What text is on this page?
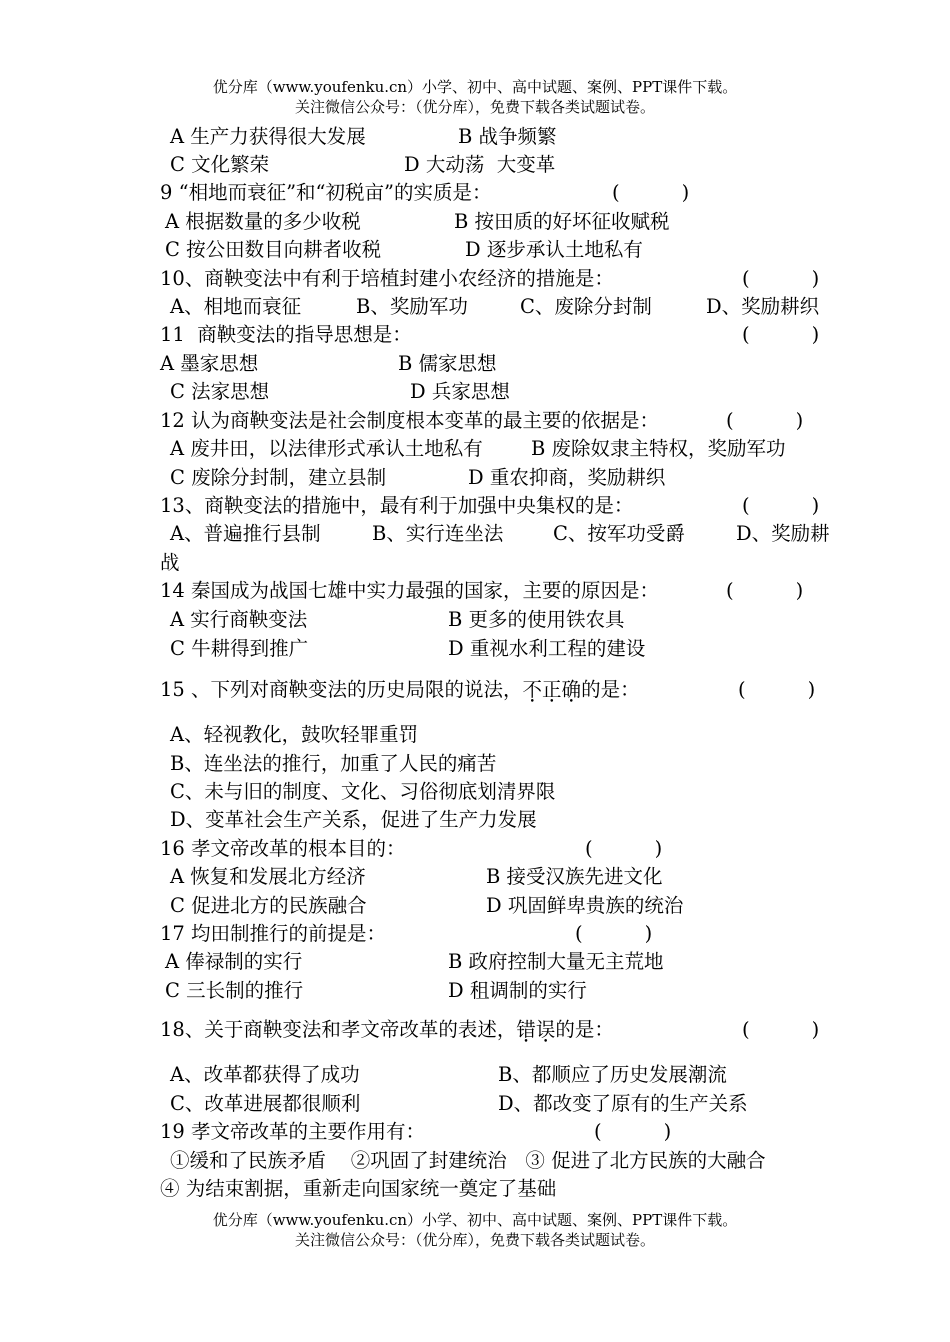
优分库（www.youfenku.cn）小学、初中、高中试题、案例、PPT课件下载。
关注微信公众号：（优分库），免费下载各类试题试卷。
A 生产力获得很大发展	B 战争频繁
C 文化繁荣	D 大动荡  大变革
9 “相地而衰征”和“初税亩”的实质是：	(          )
A 根据数量的多少收税	B 按田质的好坏征收赋税
C 按公田数目向耕者收税	D 逐步承认土地私有
10、商鞅变法中有利于培植封建小农经济的措施是：	(          )
A、相地而衰征	B、奖励军功	C、废除分封制	D、奖励耕织
11  商鞅变法的指导思想是：	(          )
A 墨家思想	B 儒家思想
C 法家思想	D 兵家思想
12 认为商鞅变法是社会制度根本变革的最主要的依据是：	(          )
A 废井田，以法律形式承认土地私有 B 废除奴隶主特权，奖励军功
C 废除分封制，建立县制	D 重农抑商，奖励耕织
13、商鞅变法的措施中，最有利于加强中央集权的是：	(          )
A、普遍推行县制	B、实行连坐法	C、按军功受爵	D、奖励耕
战
14 秦国成为战国七雄中实力最强的国家，主要的原因是：	(          )
A 实行商鞅变法	B 更多的使用铁农具
C 牛耕得到推广	D 重视水利工程的建设
15 、下列对商鞅变法的历史局限的说法，不正确的是：	(          )
A、轻视教化，鼓吹轻罪重罚
B、连坐法的推行，加重了人民的痛苦
C、未与旧的制度、文化、习俗彻底划清界限
D、变革社会生产关系，促进了生产力发展
16 孝文帝改革的根本目的：	(          )
A 恢复和发展北方经济	B 接受汉族先进文化
C 促进北方的民族融合	D 巩固鲜卑贵族的统治
17 均田制推行的前提是：	(          )
A 俸禄制的实行	B 政府控制大量无主荒地
C 三长制的推行	D 租调制的实行
18、关于商鞅变法和孝文帝改革的表述，错误的是：	(          )
A、改革都获得了成功	B、都顺应了历史发展潮流
C、改革进展都很顺利	D、都改变了原有的生产关系
19 孝文帝改革的主要作用有：	(          )
①缓和了民族矛盾    ②巩固了封建统治   ③ 促进了北方民族的大融合
④ 为结束割据，重新走向国家统一奠定了基础
优分库（www.youfenku.cn）小学、初中、高中试题、案例、PPT课件下载。
关注微信公众号：（优分库），免费下载各类试题试卷。
